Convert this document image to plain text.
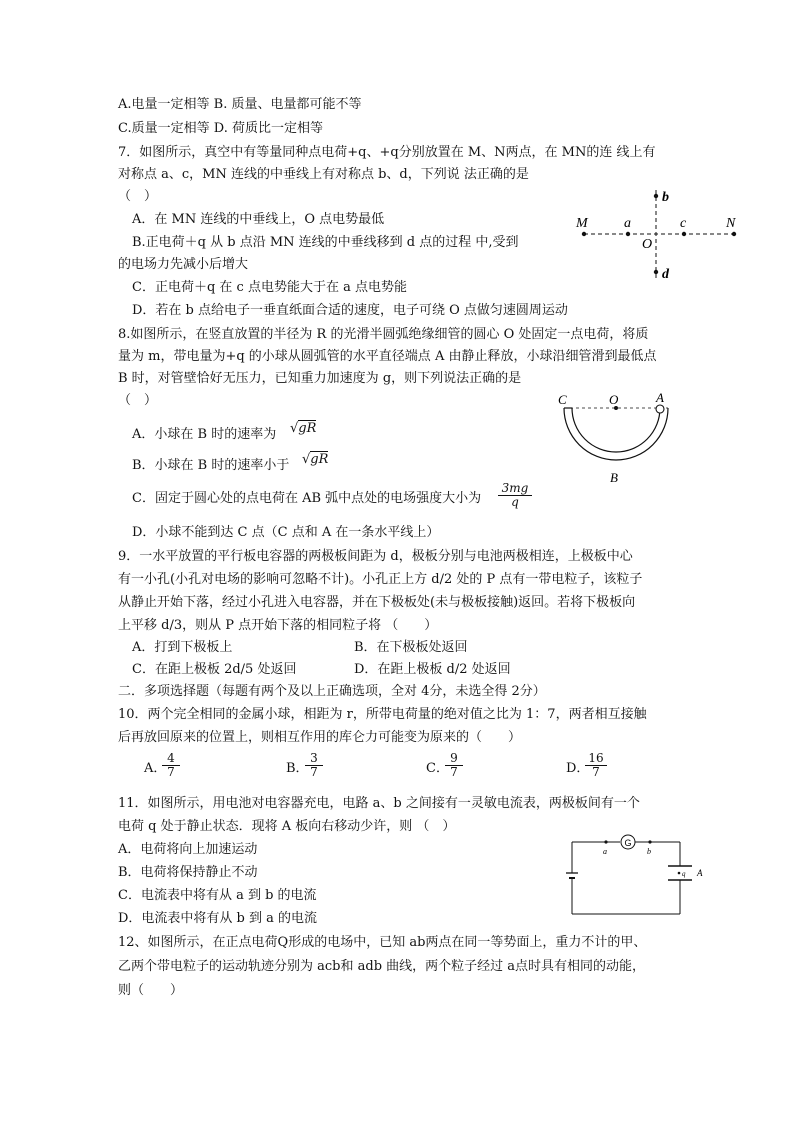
A.电量一定相等 B. 质量、电量都可能不等
C.质量一定相等 D. 荷质比一定相等
7．如图所示，真空中有等量同种点电荷+q、+q分别放置在 M、N两点，在 MN的连 线上有
对称点 a、c，MN 连线的中垂线上有对称点 b、d，下列说 法正确的是
（　）
A．在 MN 连线的中垂线上，O 点电势最低
B.正电荷＋q 从 b 点沿 MN 连线的中垂线移到 d 点的过程 中,受到
的电场力先减小后增大
C．正电荷＋q 在 c 点电势能大于在 a 点电势能
D．若在 b 点给电子一垂直纸面合适的速度，电子可绕 O 点做匀速圆周运动
M	a
O
c	N
b
d
8.如图所示，在竖直放置的半径为 R 的光滑半圆弧绝缘细管的圆心 O 处固定一点电荷，将质
量为 m，带电量为+q 的小球从圆弧管的水平直径端点 A 由静止释放，小球沿细管滑到最低点
B 时，对管壁恰好无压力，已知重力加速度为 g，则下列说法正确的是
（　）
A．小球在 B 时的速率为 √gR
B．小球在 B 时的速率小于 √gR
C．固定于圆心处的点电荷在 AB 弧中点处的电场强度大小为 $\frac{3mg}{q}$
D．小球不能到达 C 点（C 点和 A 在一条水平线上）
C	O	A
B
9．一水平放置的平行板电容器的两极板间距为 d，极板分别与电池两极相连，上极板中心
有一小孔(小孔对电场的影响可忽略不计)。小孔正上方 d/2 处的 P 点有一带电粒子，该粒子
从静止开始下落，经过小孔进入电容器，并在下极板处(未与极板接触)返回。若将下极板向
上平移 d/3，则从 P 点开始下落的相同粒子将 （　　）
A．打到下极板上	B．在下极板处返回
C．在距上极板 2d/5 处返回	D．在距上极板 d/2 处返回
二．多项选择题（每题有两个及以上正确选项，全对 4分，未选全得 2分）
10．两个完全相同的金属小球，相距为 r，所带电荷量的绝对值之比为 1：7，两者相互接触
后再放回原来的位置上，则相互作用的库仑力可能变为原来的（　　）
A．
$\frac{4}{7}$	B．
$\frac{3}{7}$	C．
$\frac{9}{7}$	D．
$\frac{16}{7}$
11．如图所示，用电池对电容器充电，电路 a、b 之间接有一灵敏电流表，两极板间有一个
电荷 q 处于静止状态．现将 A 板向右移动少许，则 （　）
A．电荷将向上加速运动
B．电荷将保持静止不动
C．电流表中将有从 a 到 b 的电流
D．电流表中将有从 b 到 a 的电流
G
a	b
q A
12、如图所示，在正点电荷Q形成的电场中，已知 ab两点在同一等势面上，重力不计的甲、
乙两个带电粒子的运动轨迹分别为 acb和 adb 曲线，两个粒子经过 a点时具有相同的动能，
则（　　）
